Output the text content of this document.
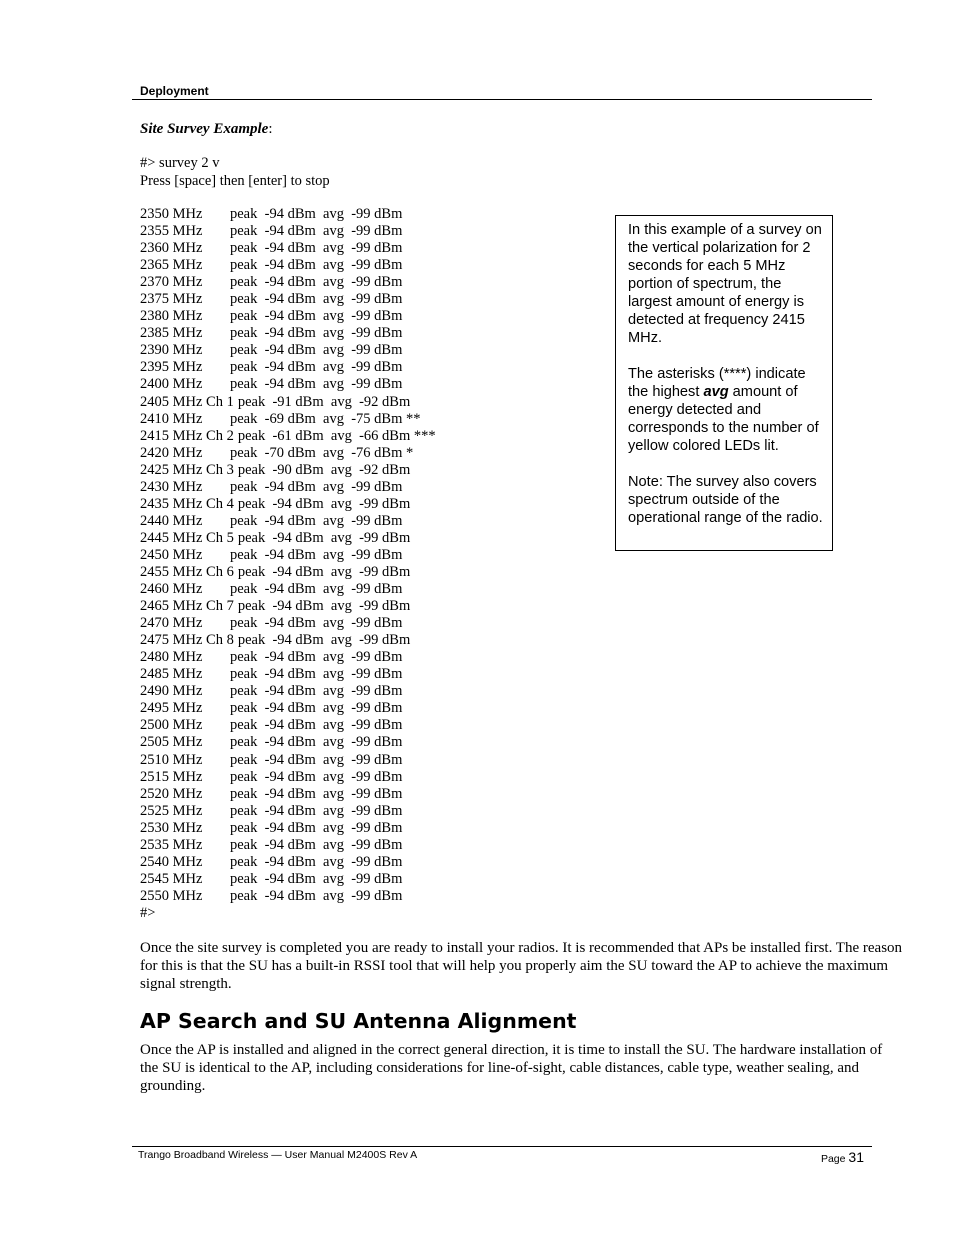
Deployment
Site Survey Example:
#> survey 2 v
Press [space] then [enter] to stop
2350 MHz peak  -94 dBm  avg  -99 dBm
2355 MHz peak  -94 dBm  avg  -99 dBm
2360 MHz peak  -94 dBm  avg  -99 dBm
2365 MHz peak  -94 dBm  avg  -99 dBm
2370 MHz peak  -94 dBm  avg  -99 dBm
2375 MHz peak  -94 dBm  avg  -99 dBm
2380 MHz peak  -94 dBm  avg  -99 dBm
2385 MHz peak  -94 dBm  avg  -99 dBm
2390 MHz peak  -94 dBm  avg  -99 dBm
2395 MHz peak  -94 dBm  avg  -99 dBm
2400 MHz peak  -94 dBm  avg  -99 dBm
2405 MHz Ch 1 peak  -91 dBm  avg  -92 dBm
2410 MHz peak  -69 dBm  avg  -75 dBm **
2415 MHz Ch 2 peak  -61 dBm  avg  -66 dBm ***
2420 MHz peak  -70 dBm  avg  -76 dBm *
2425 MHz Ch 3 peak  -90 dBm  avg  -92 dBm
2430 MHz peak  -94 dBm  avg  -99 dBm
2435 MHz Ch 4 peak  -94 dBm  avg  -99 dBm
2440 MHz peak  -94 dBm  avg  -99 dBm
2445 MHz Ch 5 peak  -94 dBm  avg  -99 dBm
2450 MHz peak  -94 dBm  avg  -99 dBm
2455 MHz Ch 6 peak  -94 dBm  avg  -99 dBm
2460 MHz peak  -94 dBm  avg  -99 dBm
2465 MHz Ch 7 peak  -94 dBm  avg  -99 dBm
2470 MHz peak  -94 dBm  avg  -99 dBm
2475 MHz Ch 8 peak  -94 dBm  avg  -99 dBm
2480 MHz peak  -94 dBm  avg  -99 dBm
2485 MHz peak  -94 dBm  avg  -99 dBm
2490 MHz peak  -94 dBm  avg  -99 dBm
2495 MHz peak  -94 dBm  avg  -99 dBm
2500 MHz peak  -94 dBm  avg  -99 dBm
2505 MHz peak  -94 dBm  avg  -99 dBm
2510 MHz peak  -94 dBm  avg  -99 dBm
2515 MHz peak  -94 dBm  avg  -99 dBm
2520 MHz peak  -94 dBm  avg  -99 dBm
2525 MHz peak  -94 dBm  avg  -99 dBm
2530 MHz peak  -94 dBm  avg  -99 dBm
2535 MHz peak  -94 dBm  avg  -99 dBm
2540 MHz peak  -94 dBm  avg  -99 dBm
2545 MHz peak  -94 dBm  avg  -99 dBm
2550 MHz peak  -94 dBm  avg  -99 dBm
#>

In this example of a survey on the vertical polarization for 2 seconds for each 5 MHz portion of spectrum, the largest amount of energy is detected at frequency 2415 MHz.

The asterisks (****) indicate the highest avg amount of energy detected and corresponds to the number of yellow colored LEDs lit.

Note: The survey also covers spectrum outside of the operational range of the radio.

Once the site survey is completed you are ready to install your radios. It is recommended that APs be installed first. The reason for this is that the SU has a built-in RSSI tool that will help you properly aim the SU toward the AP to achieve the maximum signal strength.

AP Search and SU Antenna Alignment

Once the AP is installed and aligned in the correct general direction, it is time to install the SU. The hardware installation of the SU is identical to the AP, including considerations for line-of-sight, cable distances, cable type, weather sealing, and grounding.

Trango Broadband Wireless — User Manual M2400S Rev A	Page 31
